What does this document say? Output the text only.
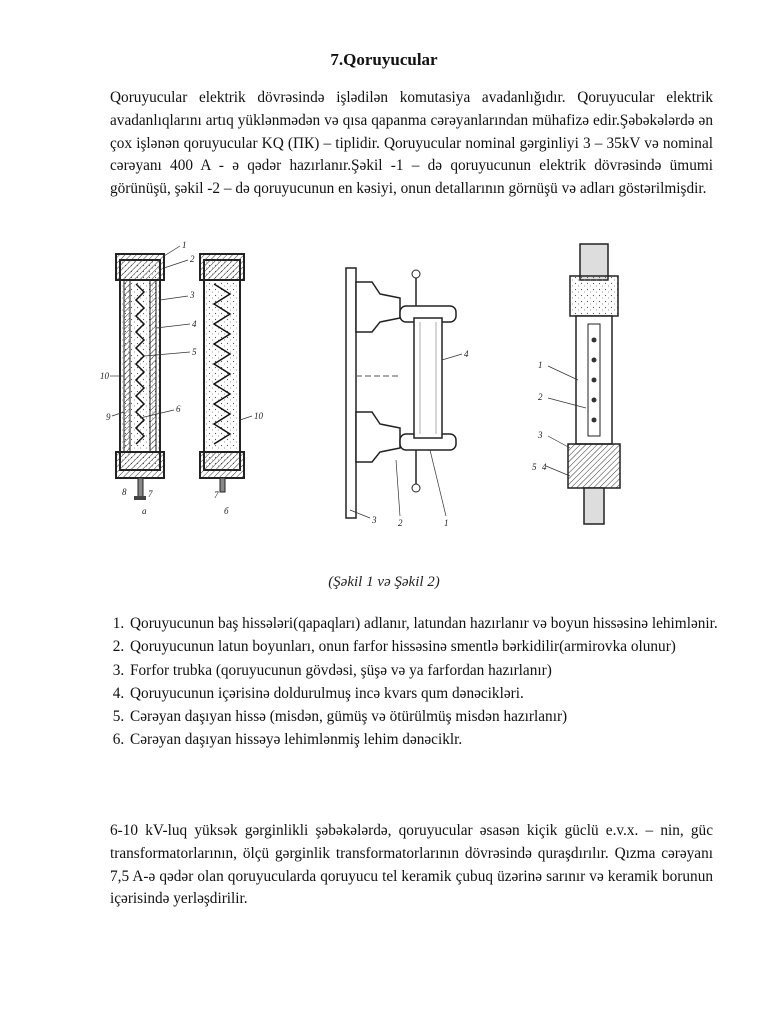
7.Qoruyucular
Qoruyucular elektrik dövrəsində işlədilən komutasiya avadanlığıdır. Qoruyucular elektrik avadanlıqlarını artıq yüklənmədən və qısa qapanma cərəyanlarından mühafizə edir.Şəbəkələrdə ən çox işlənən qoruyucular KQ (ПК) – tiplidir. Qoruyucular nominal gərginliyi 3 – 35kV və nominal cərəyanı 400 A - ə qədər hazırlanır.Şəkil -1 – də qoruyucunun elektrik dövrəsində ümumi görünüşü, şəkil -2 – də qoruyucunun en kəsiyi, onun detallarının görnüşü və adları göstərilmişdir.
1
2
3
4
5
10
9
6
8 7
a
10
7
б
4
3 2	1
1
2
3
5 4
(Şəkil 1 və Şəkil 2)
1. Qoruyucunun baş hissələri(qapaqları) adlanır, latundan hazırlanır və boyun hissəsinə lehimlənir.
2. Qoruyucunun latun boyunları, onun farfor hissəsinə smentlə bərkidilir(armirovka olunur)
3. Forfor trubka (qoruyucunun gövdəsi, şüşə və ya farfordan hazırlanır)
4. Qoruyucunun içərisinə doldurulmuş incə kvars qum dənəcikləri.
5. Cərəyan daşıyan hissə (misdən, gümüş və ötürülmüş misdən hazırlanır)
6. Cərəyan daşıyan hissəyə lehimlənmiş lehim dənəciklr.
6-10 kV-luq yüksək gərginlikli şəbəkələrdə, qoruyucular əsasən kiçik güclü e.v.x. – nin, güc transformatorlarının, ölçü gərginlik transformatorlarının dövrəsində quraşdırılır. Qızma cərəyanı 7,5 A-ə qədər olan qoruyucularda qoruyucu tel keramik çubuq üzərinə sarınır və keramik borunun içərisində yerləşdirilir.
